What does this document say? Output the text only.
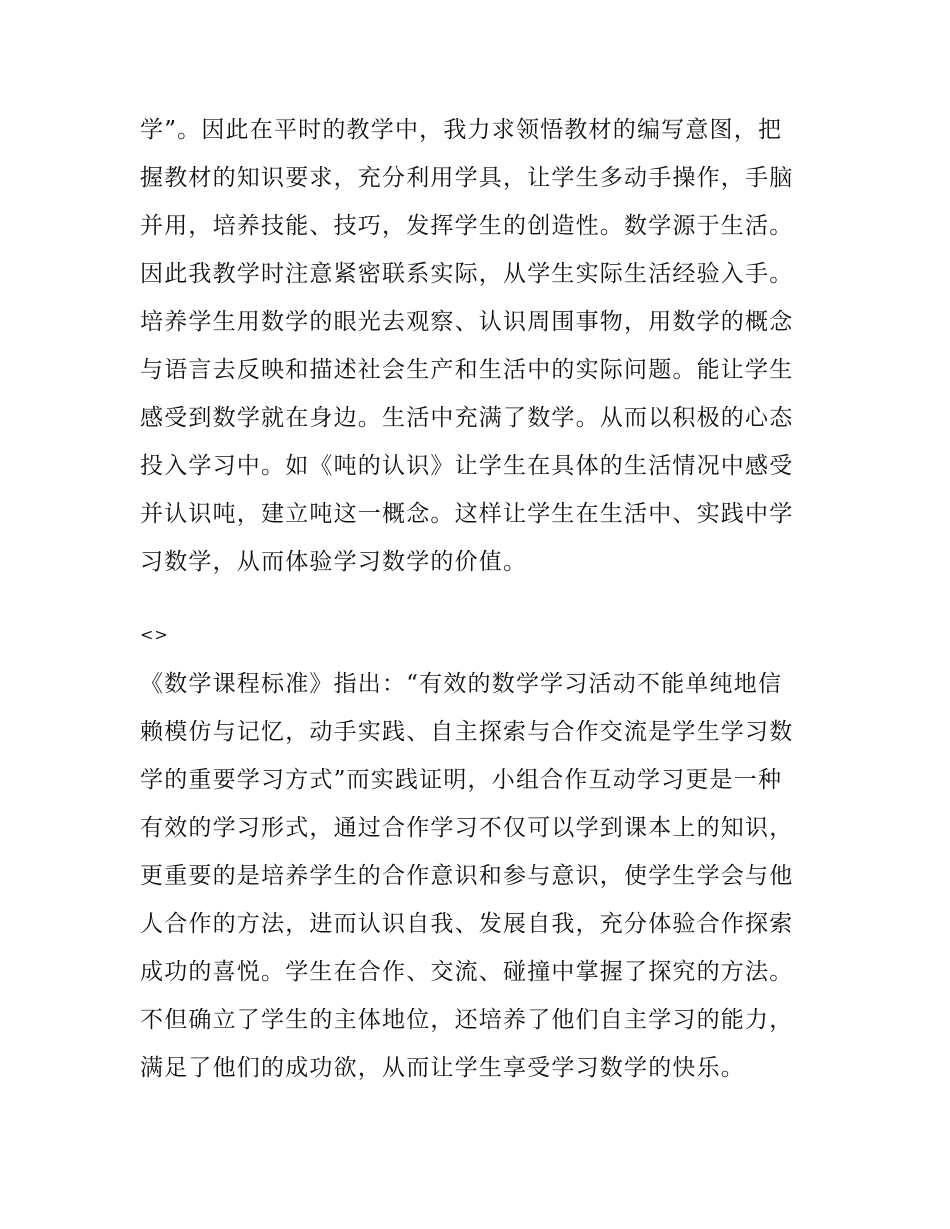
学”。因此在平时的教学中，我力求领悟教材的编写意图，把
握教材的知识要求，充分利用学具，让学生多动手操作，手脑
并用，培养技能、技巧，发挥学生的创造性。数学源于生活。
因此我教学时注意紧密联系实际，从学生实际生活经验入手。
培养学生用数学的眼光去观察、认识周围事物，用数学的概念
与语言去反映和描述社会生产和生活中的实际问题。能让学生
感受到数学就在身边。生活中充满了数学。从而以积极的心态
投入学习中。如《吨的认识》让学生在具体的生活情况中感受
并认识吨，建立吨这一概念。这样让学生在生活中、实践中学
习数学，从而体验学习数学的价值。
<>
《数学课程标准》指出：“有效的数学学习活动不能单纯地信
赖模仿与记忆，动手实践、自主探索与合作交流是学生学习数
学的重要学习方式”而实践证明，小组合作互动学习更是一种
有效的学习形式，通过合作学习不仅可以学到课本上的知识，
更重要的是培养学生的合作意识和参与意识，使学生学会与他
人合作的方法，进而认识自我、发展自我，充分体验合作探索
成功的喜悦。学生在合作、交流、碰撞中掌握了探究的方法。
不但确立了学生的主体地位，还培养了他们自主学习的能力，
满足了他们的成功欲，从而让学生享受学习数学的快乐。
